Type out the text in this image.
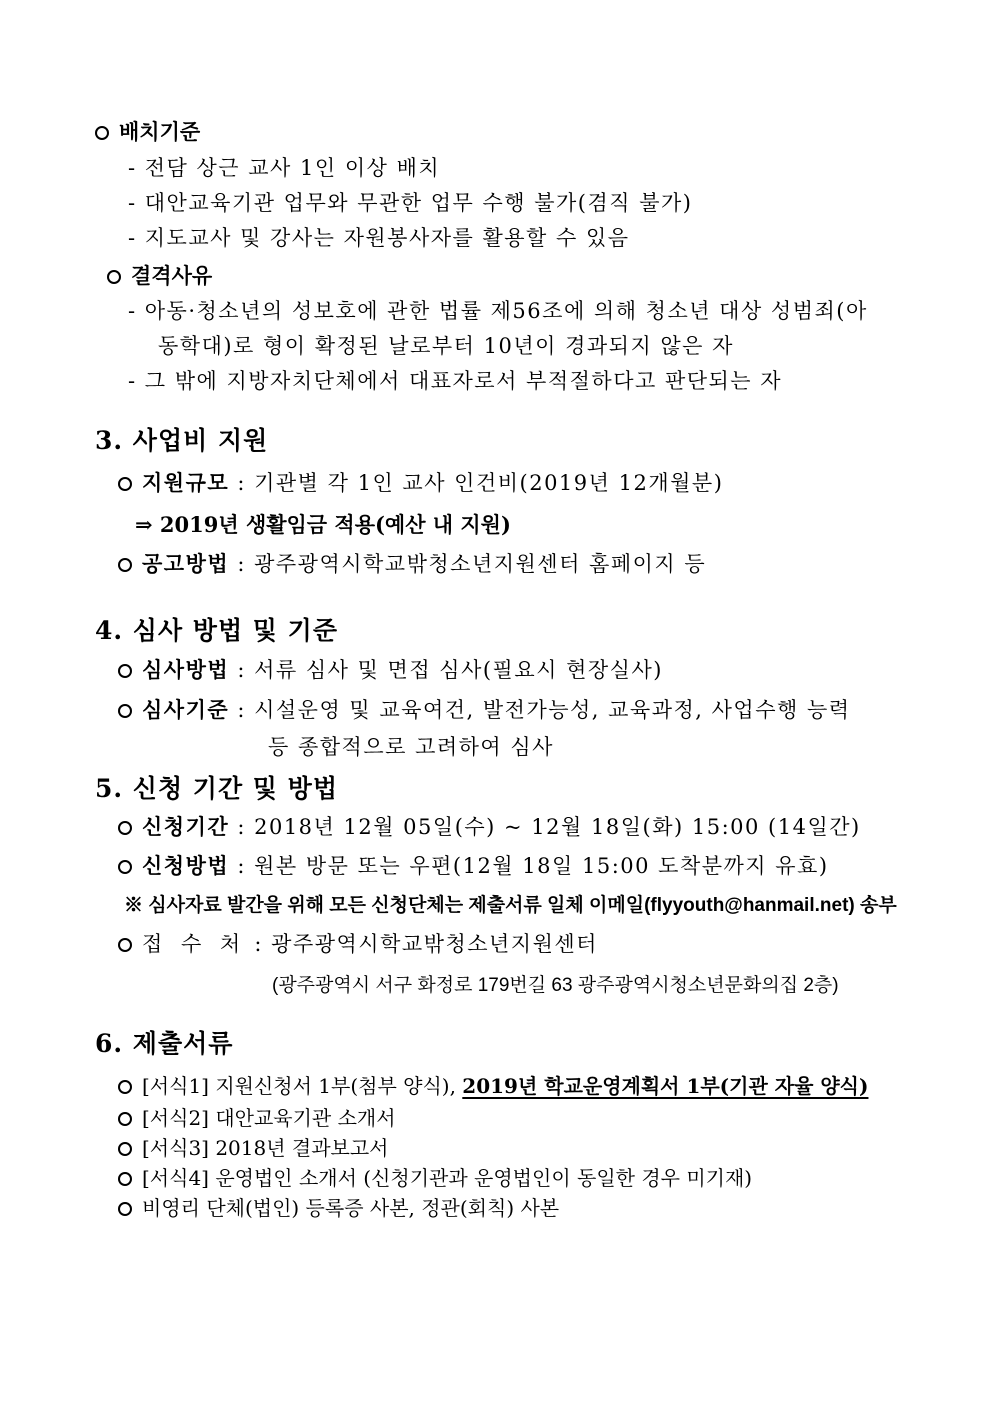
배치기준
- 전담 상근 교사 1인 이상 배치
- 대안교육기관 업무와 무관한 업무 수행 불가(겸직 불가)
- 지도교사 및 강사는 자원봉사자를 활용할 수 있음
결격사유
- 아동·청소년의 성보호에 관한 법률 제56조에 의해 청소년 대상 성범죄(아
동학대)로 형이 확정된 날로부터 10년이 경과되지 않은 자
- 그 밖에 지방자치단체에서 대표자로서 부적절하다고 판단되는 자
3. 사업비 지원
지원규모 : 기관별 각 1인 교사 인건비(2019년 12개월분)
⇒ 2019년 생활임금 적용(예산 내 지원)
공고방법 : 광주광역시학교밖청소년지원센터 홈페이지 등
4. 심사 방법 및 기준
심사방법 : 서류 심사 및 면접 심사(필요시 현장실사)
심사기준 : 시설운영 및 교육여건, 발전가능성, 교육과정, 사업수행 능력
등 종합적으로 고려하여 심사
5. 신청 기간 및 방법
신청기간 : 2018년 12월 05일(수) ~ 12월 18일(화) 15:00 (14일간)
신청방법 : 원본 방문 또는 우편(12월 18일 15:00 도착분까지 유효)
※ 심사자료 발간을 위해 모든 신청단체는 제출서류 일체 이메일(flyyouth@hanmail.net) 송부
접 수 처 : 광주광역시학교밖청소년지원센터
(광주광역시 서구 화정로 179번길 63 광주광역시청소년문화의집 2층)
6. 제출서류
[서식1] 지원신청서 1부(첨부 양식), 2019년 학교운영계획서 1부(기관 자율 양식)
[서식2] 대안교육기관 소개서
[서식3] 2018년 결과보고서
[서식4] 운영법인 소개서 (신청기관과 운영법인이 동일한 경우 미기재)
비영리 단체(법인) 등록증 사본, 정관(회칙) 사본
